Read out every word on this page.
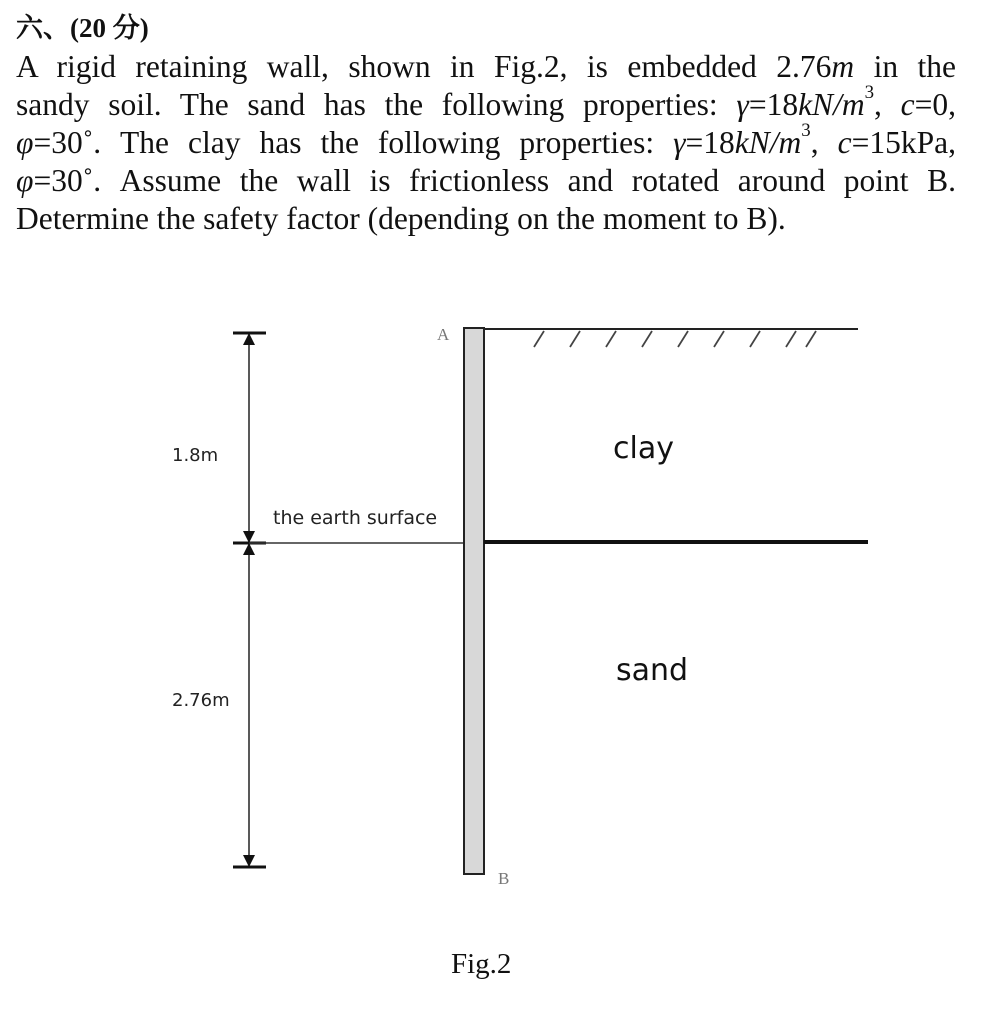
六、(20 分)
A rigid retaining wall, shown in Fig.2, is embedded 2.76m in the
sandy soil. The sand has the following properties: $\gamma=18kN/m^3$, c=0,
φ=30˚. The clay has the following properties: $\gamma=18kN/m^3$, c=15kPa,
φ=30˚. Assume the wall is frictionless and rotated around point B.
Determine the safety factor (depending on the moment to B).
A
B
1.8m
2.76m
the earth surface
clay
sand
Fig.2
